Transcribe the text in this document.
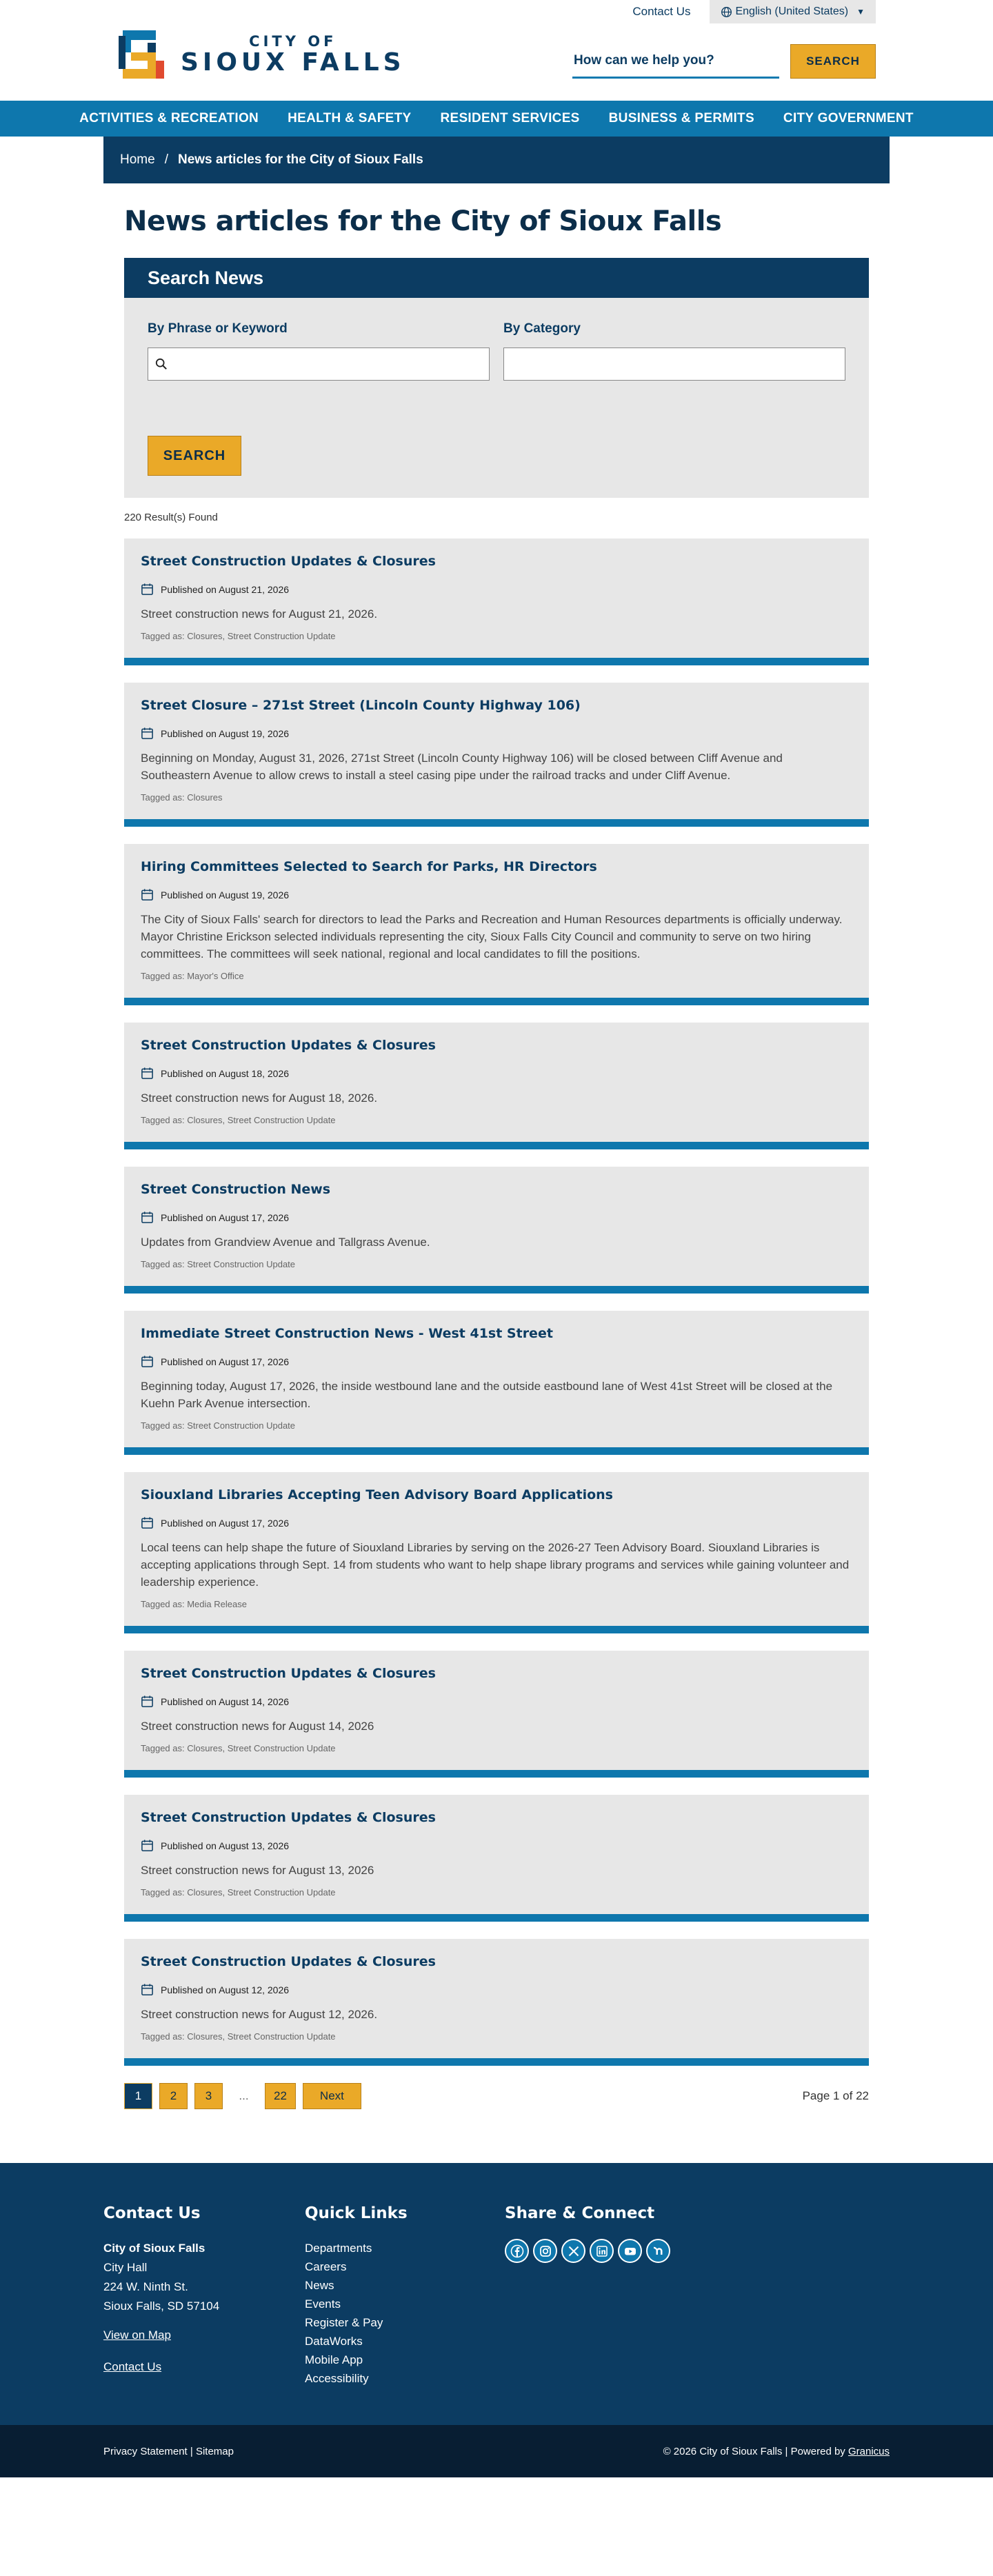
CITY OF
SIOUX FALLS
Contact Us	English (United States) ▼
How can we help you?
SEARCH
ACTIVITIES & RECREATION	HEALTH & SAFETY	RESIDENT SERVICES	BUSINESS & PERMITS	CITY GOVERNMENT
Home / News articles for the City of Sioux Falls
News articles for the City of Sioux Falls
Search News
By Phrase or Keyword	By Category
SEARCH

220 Result(s) Found

Street Construction Updates & Closures
Published on August 21, 2026

Street construction news for August 21, 2026.

Tagged as: Closures, Street Construction Update

Street Closure – 271st Street (Lincoln County Highway 106)
Published on August 19, 2026

Beginning on Monday, August 31, 2026, 271st Street (Lincoln County Highway 106) will be closed between Cliff Avenue and Southeastern Avenue to allow crews to install a steel casing pipe under the railroad tracks and under Cliff Avenue.

Tagged as: Closures

Hiring Committees Selected to Search for Parks, HR Directors
Published on August 19, 2026

The City of Sioux Falls' search for directors to lead the Parks and Recreation and Human Resources departments is officially underway. Mayor Christine Erickson selected individuals representing the city, Sioux Falls City Council and community to serve on two hiring committees. The committees will seek national, regional and local candidates to fill the positions.

Tagged as: Mayor's Office

Street Construction Updates & Closures
Published on August 18, 2026

Street construction news for August 18, 2026.

Tagged as: Closures, Street Construction Update

Street Construction News
Published on August 17, 2026

Updates from Grandview Avenue and Tallgrass Avenue.

Tagged as: Street Construction Update

Immediate Street Construction News - West 41st Street
Published on August 17, 2026

Beginning today, August 17, 2026, the inside westbound lane and the outside eastbound lane of West 41st Street will be closed at the Kuehn Park Avenue intersection.

Tagged as: Street Construction Update

Siouxland Libraries Accepting Teen Advisory Board Applications
Published on August 17, 2026

Local teens can help shape the future of Siouxland Libraries by serving on the 2026-27 Teen Advisory Board. Siouxland Libraries is accepting applications through Sept. 14 from students who want to help shape library programs and services while gaining volunteer and leadership experience.

Tagged as: Media Release

Street Construction Updates & Closures
Published on August 14, 2026

Street construction news for August 14, 2026

Tagged as: Closures, Street Construction Update

Street Construction Updates & Closures
Published on August 13, 2026

Street construction news for August 13, 2026

Tagged as: Closures, Street Construction Update

Street Construction Updates & Closures
Published on August 12, 2026

Street construction news for August 12, 2026.

Tagged as: Closures, Street Construction Update

1	2	3	...	22	Next	Page 1 of 22
Contact Us
City of Sioux Falls
City Hall
224 W. Ninth St.
Sioux Falls, SD 57104
View on Map
Contact Us
Quick Links
Departments
Careers
News
Events
Register & Pay
DataWorks
Mobile App
Accessibility
Share & Connect
Privacy Statement | Sitemap	© 2026 City of Sioux Falls | Powered by Granicus
